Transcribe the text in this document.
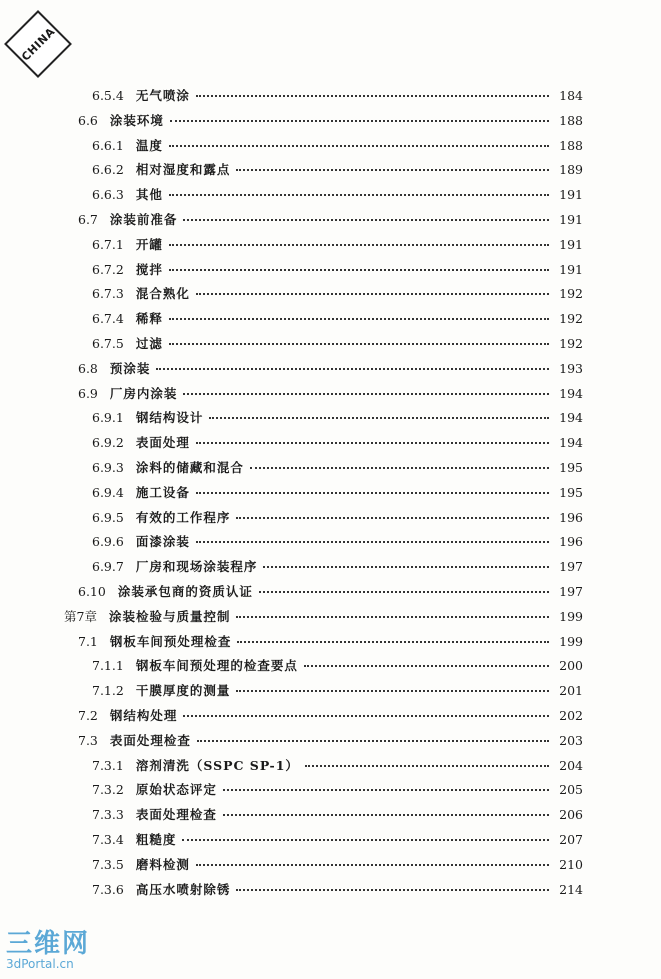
CHINA
6.5.4 无气喷涂	184
6.6 涂装环境	188
6.6.1 温度	188
6.6.2 相对湿度和露点	189
6.6.3 其他	191
6.7 涂装前准备	191
6.7.1 开罐	191
6.7.2 搅拌	191
6.7.3 混合熟化	192
6.7.4 稀释	192
6.7.5 过滤	192
6.8 预涂装	193
6.9 厂房内涂装	194
6.9.1 钢结构设计	194
6.9.2 表面处理	194
6.9.3 涂料的储藏和混合	195
6.9.4 施工设备	195
6.9.5 有效的工作程序	196
6.9.6 面漆涂装	196
6.9.7 厂房和现场涂装程序	197
6.10 涂装承包商的资质认证	197
第7章 涂装检验与质量控制	199
7.1 钢板车间预处理检查	199
7.1.1 钢板车间预处理的检查要点	200
7.1.2 干膜厚度的测量	201
7.2 钢结构处理	202
7.3 表面处理检查	203
7.3.1 溶剂清洗（SSPC SP-1）	204
7.3.2 原始状态评定	205
7.3.3 表面处理检查	206
7.3.4 粗糙度	207
7.3.5 磨料检测	210
7.3.6 高压水喷射除锈	214
三维网
3dPortal.cn
